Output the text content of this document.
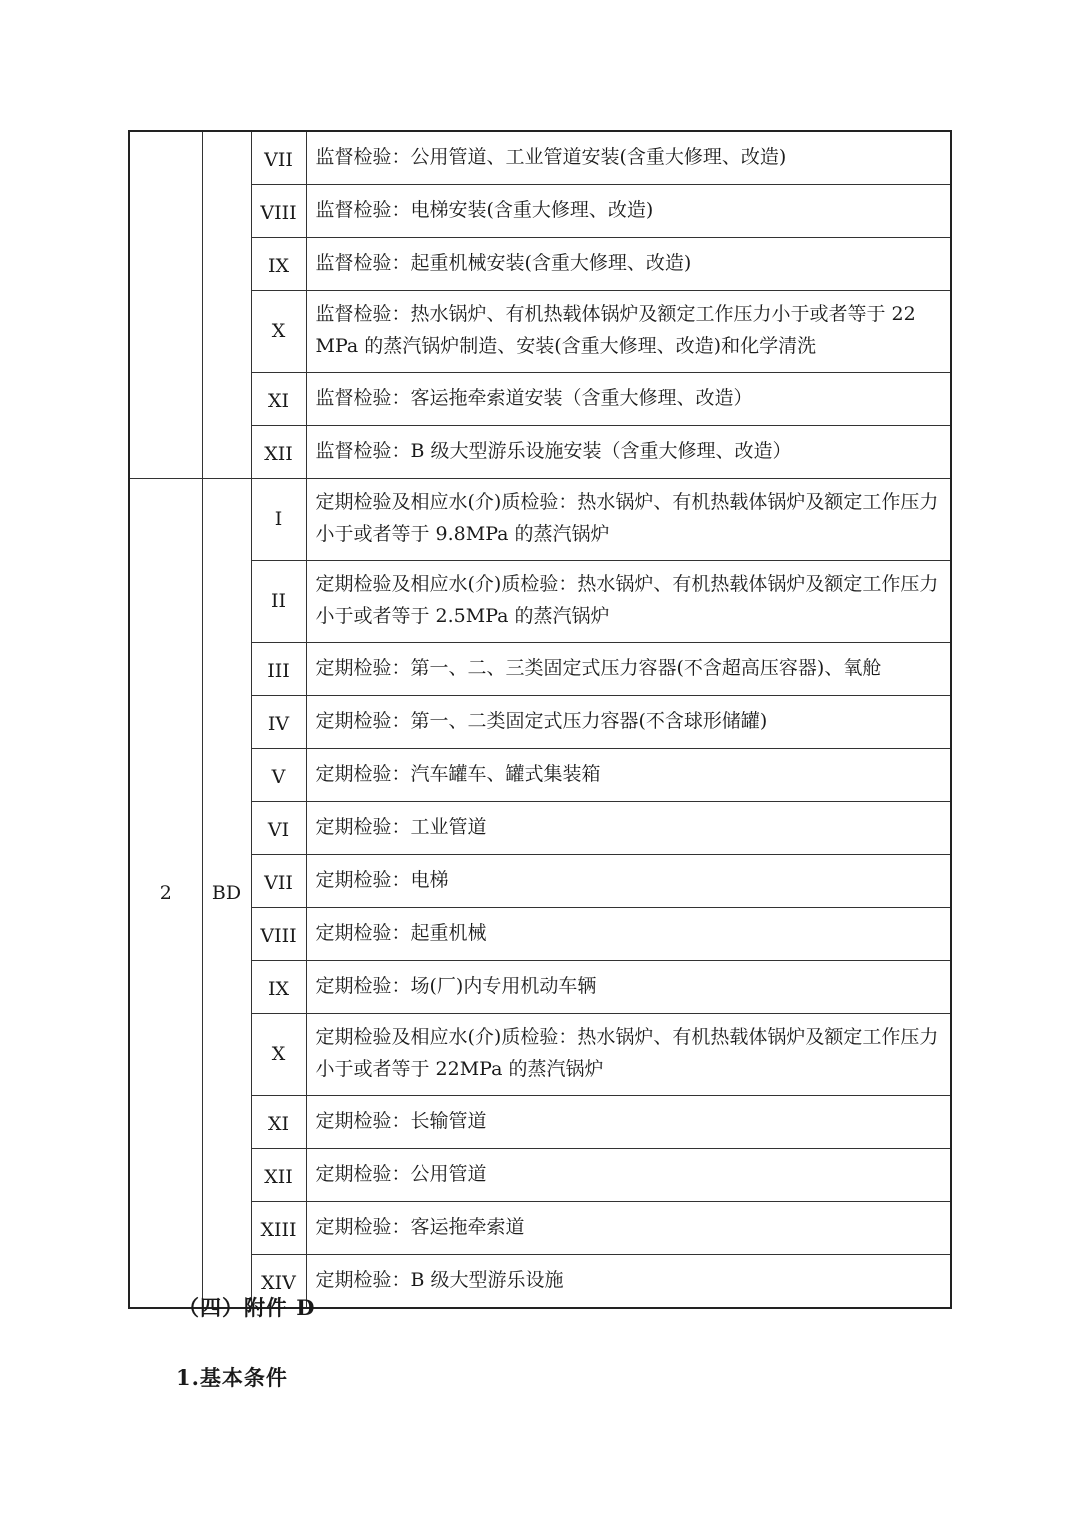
		VII	监督检验：公用管道、工业管道安装(含重大修理、改造)
		VIII	监督检验：电梯安装(含重大修理、改造)
		IX	监督检验：起重机械安装(含重大修理、改造)
		X	监督检验：热水锅炉、有机热载体锅炉及额定工作压力小于或者等于 22 MPa 的蒸汽锅炉制造、安装(含重大修理、改造)和化学清洗
		XI	监督检验：客运拖牵索道安装（含重大修理、改造）
		XII	监督检验：B 级大型游乐设施安装（含重大修理、改造）
2	BD	I	定期检验及相应水(介)质检验：热水锅炉、有机热载体锅炉及额定工作压力小于或者等于 9.8MPa 的蒸汽锅炉
		II	定期检验及相应水(介)质检验：热水锅炉、有机热载体锅炉及额定工作压力小于或者等于 2.5MPa 的蒸汽锅炉
		III	定期检验：第一、二、三类固定式压力容器(不含超高压容器)、氧舱
		IV	定期检验：第一、二类固定式压力容器(不含球形储罐)
		V	定期检验：汽车罐车、罐式集装箱
		VI	定期检验：工业管道
		VII	定期检验：电梯
		VIII	定期检验：起重机械
		IX	定期检验：场(厂)内专用机动车辆
		X	定期检验及相应水(介)质检验：热水锅炉、有机热载体锅炉及额定工作压力小于或者等于 22MPa 的蒸汽锅炉
		XI	定期检验：长输管道
		XII	定期检验：公用管道
		XIII	定期检验：客运拖牵索道
		XIV	定期检验：B 级大型游乐设施
（四）附件 D
1.基本条件
